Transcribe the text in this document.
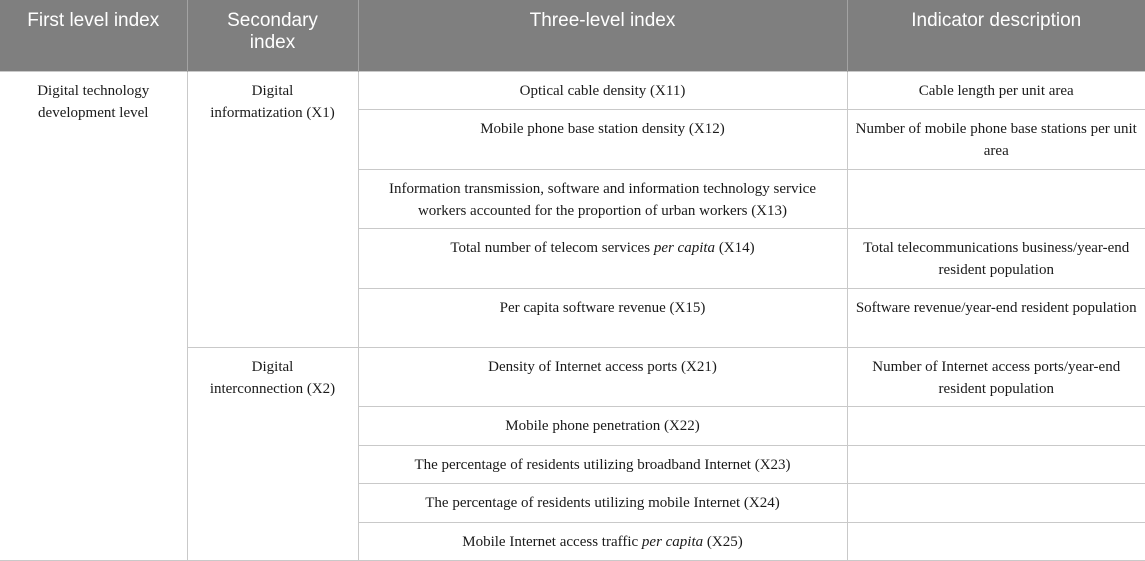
First level index	Secondary index	Three-level index	Indicator description
Digital technology development level	Digital informatization (X1)	Optical cable density (X11)	Cable length per unit area
		Mobile phone base station density (X12)	Number of mobile phone base stations per unit area
		Information transmission, software and information technology service workers accounted for the proportion of urban workers (X13)	
		Total number of telecom services per capita (X14)	Total telecommunications business/year-end resident population
		Per capita software revenue (X15)	Software revenue/year-end resident population
	Digital interconnection (X2)	Density of Internet access ports (X21)	Number of Internet access ports/year-end resident population
		Mobile phone penetration (X22)	
		The percentage of residents utilizing broadband Internet (X23)	
		The percentage of residents utilizing mobile Internet (X24)	
		Mobile Internet access traffic per capita (X25)	
